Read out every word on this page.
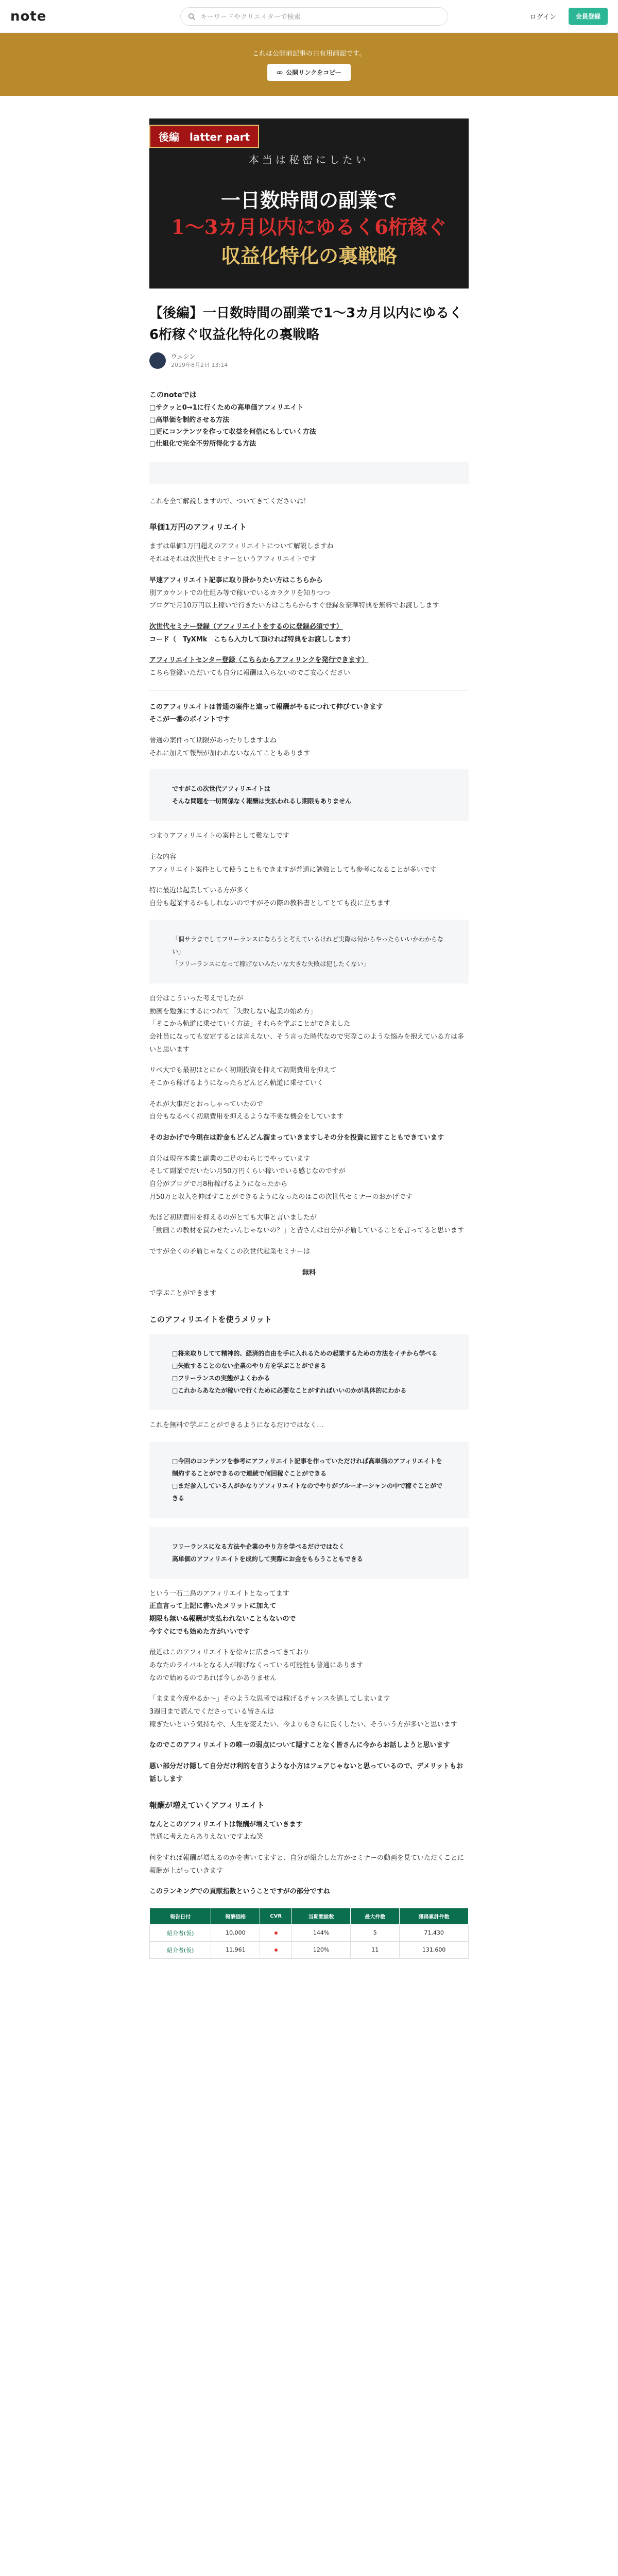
note	キーワードやクリエイターで検索	ログイン	会員登録
これは公開前記事の共有用画面です。
公開リンクをコピー
後編　latter part
本当は秘密にしたい
一日数時間の副業で
1～3カ月以内にゆるく6桁稼ぐ
収益化特化の裏戦略
【後編】一日数時間の副業で1～3カ月以内にゆるく6桁稼ぐ収益化特化の裏戦略
ウェシン
2019年8月2日 13:14
このnoteでは
□サクッと0→1に行くための高単価アフィリエイト
□高単価を制約させる方法
□更にコンテンツを作って収益を何倍にもしていく方法
□仕組化で完全不労所得化する方法

これを全て解説しますので、ついてきてくださいね！

単価1万円のアフィリエイト

まずは単価1万円超えのアフィリエイトについて解説しますね
それはそれは次世代セミナーというアフィリエイトです

早速アフィリエイト記事に取り掛かりたい方はこちらから
別アカウントでの仕組み等で稼いでいるカラクリを知りつつ
ブログで月10万円以上稼いで行きたい方はこちらからすぐ登録＆豪華特典を無料でお渡しします

次世代セミナー登録（アフィリエイトをするのに登録必須です）
コード（　TyXMk　こちら入力して頂ければ特典をお渡しします）

アフィリエイトセンター登録（こちらからアフィリンクを発行できます）
こちら登録いただいても自分に報酬は入らないのでご安心ください

このアフィリエイトは普通の案件と違って報酬がやるにつれて伸びていきます
そこが一番のポイントです

普通の案件って期限があったりしますよね
それに加えて報酬が加われないなんてこともあります

ですがこの次世代アフィリエイトは
そんな問題を一切関係なく報酬は支払われるし期限もありません

つまりアフィリエイトの案件として難なしです

主な内容
アフィリエイト案件として使うこともできますが普通に勉強としても参考になることが多いです

特に最近は起業している方が多く
自分も起業するかもしれないのですがその際の教科書としてとても役に立ちます

「個サラまでしてフリーランスになろうと考えているけれど実際は何からやったらいいかわからない」
「フリーランスになって稼げないみたいな大きな失敗は犯したくない」

自分はこういった考えでしたが
動画を勉強にするにつれて「失敗しない起業の始め方」
「そこから軌道に乗せていく方法」それらを学ぶことができました
会社員になっても安定するとは言えない、そう言った時代なので実際このような悩みを抱えている方は多いと思います

リベ大でも最初はとにかく初期投資を抑えて初期費用を抑えて
そこから稼げるようになったらどんどん軌道に乗せていく

それが大事だとおっしゃっていたので
自分もなるべく初期費用を抑えるような不要な機会をしています

そのおかげで今現在は貯金もどんどん溜まっていきますしその分を投資に回すこともできています

自分は現在本業と副業の二足のわらじでやっています
そして副業でだいたい月50万円くらい稼いでいる感じなのですが
自分がブログで月8桁稼げるようになったから
月50万と収入を伸ばすことができるようになったのはこの次世代セミナーのおかげです

先ほど初期費用を抑えるのがとても大事と言いましたが
「動画この教材を買わせたいんじゃないの？」と皆さんは自分が矛盾していることを言ってると思います

ですが全くの矛盾じゃなくこの次世代起業セミナーは

無料

で学ぶことができます

このアフィリエイトを使うメリット
□将来取りしてて精神的、経済的自由を手に入れるための起業するための方法をイチから学べる
□失敗することのない企業のやり方を学ぶことができる
□フリーランスの実態がよくわかる
□これからあなたが稼いで行くために必要なことがすればいいのかが具体的にわかる

これを無料で学ぶことができるようになるだけではなく…

□今回のコンテンツを参考にアフィリエイト記事を作っていただければ高単価のアフィリエイトを制約することができるので連続で何回稼ぐことができる
□まだ参入している人がかなりアフィリエイトなのでやりがブルーオーシャンの中で稼ぐことができる
フリーランスになる方法や企業のやり方を学べるだけではなく
高単価のアフィリエイトを成約して実際にお金をもらうこともできる

という一石二鳥のアフィリエイトとなってます
正直言って上記に書いたメリットに加えて
期限も無い&報酬が支払われないこともないので
今すぐにでも始めた方がいいです

最近はこのアフィリエイトを徐々に広まってきており
あなたのライバルとなる人が稼げなくっている可能性も普通にあります
なので始めるのであれば今しかありません

「ままま今度やるか～」そのような思考では稼げるチャンスを逃してしまいます
3週目まで読んでくださっている皆さんは
稼ぎたいという気持ちや、人生を変えたい、今よりもさらに良くしたい、そういう方が多いと思います

なのでこのアフィリエイトの唯一の弱点について隠すことなく皆さんに今からお話しようと思います

悪い部分だけ隠して自分だけ利的を言うような小方はフェアじゃないと思っているので、デメリットもお話しします

報酬が増えていくアフィリエイト

なんとこのアフィリエイトは報酬が増えていきます
普通に考えたらありえないですよね笑

何をすれば報酬が増えるのかを書いてますと、自分が紹介した方がセミナーの動画を見ていただくことに報酬が上がっていきます

このランキングでの貢献指数ということですがの部分ですね

報告日付	報酬価格	CVR	当期間総数	最大件数	獲得累計件数
紹介者(仮)	10,000		144%	5	71,430
紹介者(仮)	11,961		120%	11	131,600
